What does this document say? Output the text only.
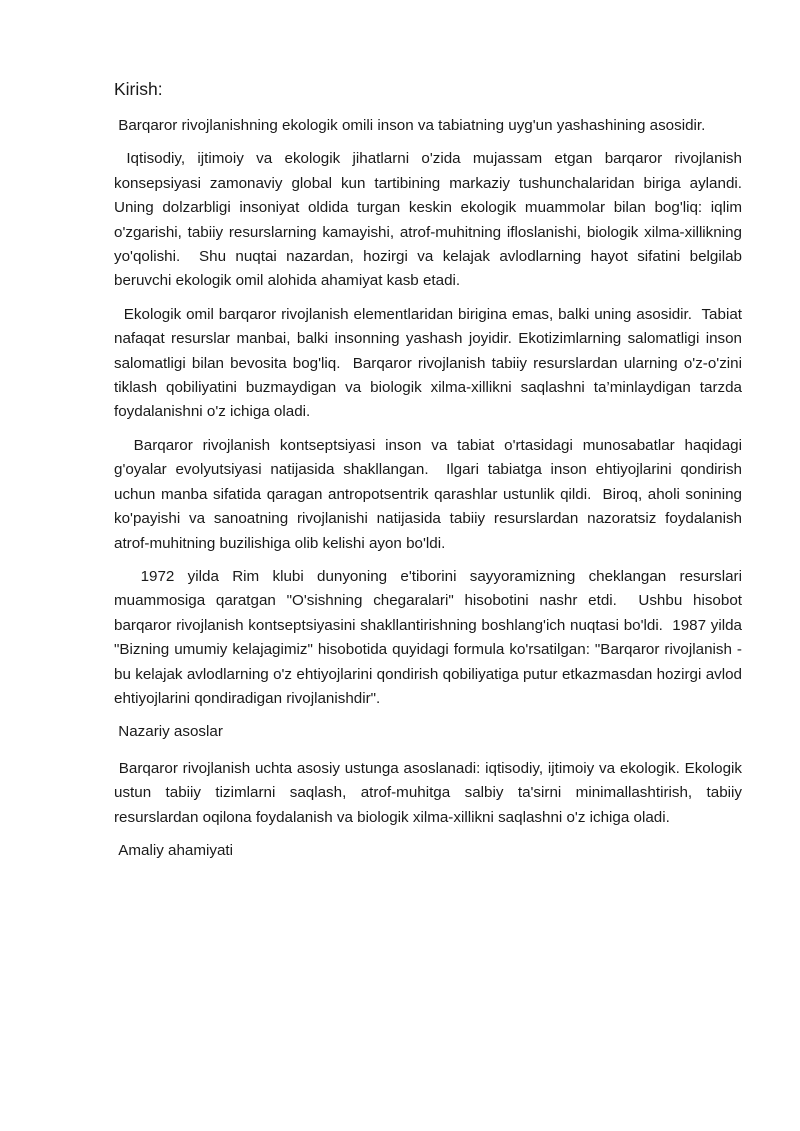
Kirish:

Barqaror rivojlanishning ekologik omili inson va tabiatning uyg'un yashashining asosidir.

Iqtisodiy, ijtimoiy va ekologik jihatlarni o'zida mujassam etgan barqaror rivojlanish konsepsiyasi zamonaviy global kun tartibining markaziy tushunchalaridan biriga aylandi.  Uning dolzarbligi insoniyat oldida turgan keskin ekologik muammolar bilan bog'liq: iqlim o'zgarishi, tabiiy resurslarning kamayishi, atrof-muhitning ifloslanishi, biologik xilma-xillikning yo'qolishi.  Shu nuqtai nazardan, hozirgi va kelajak avlodlarning hayot sifatini belgilab beruvchi ekologik omil alohida ahamiyat kasb etadi.

Ekologik omil barqaror rivojlanish elementlaridan birigina emas, balki uning asosidir.  Tabiat nafaqat resurslar manbai, balki insonning yashash joyidir. Ekotizimlarning salomatligi inson salomatligi bilan bevosita bog'liq.  Barqaror rivojlanish tabiiy resurslardan ularning o'z-o'zini tiklash qobiliyatini buzmaydigan va biologik xilma-xillikni saqlashni ta’minlaydigan tarzda foydalanishni o'z ichiga oladi.

Barqaror rivojlanish kontseptsiyasi inson va tabiat o'rtasidagi munosabatlar haqidagi g'oyalar evolyutsiyasi natijasida shakllangan.  Ilgari tabiatga inson ehtiyojlarini qondirish uchun manba sifatida qaragan antropotsentrik qarashlar ustunlik qildi.  Biroq, aholi sonining ko'payishi va sanoatning rivojlanishi natijasida tabiiy resurslardan nazoratsiz foydalanish atrof-muhitning buzilishiga olib kelishi ayon bo'ldi.

1972 yilda Rim klubi dunyoning e'tiborini sayyoramizning cheklangan resurslari muammosiga qaratgan "O'sishning chegaralari" hisobotini nashr etdi.  Ushbu hisobot barqaror rivojlanish kontseptsiyasini shakllantirishning boshlang'ich nuqtasi bo'ldi.  1987 yilda "Bizning umumiy kelajagimiz" hisobotida quyidagi formula ko'rsatilgan: "Barqaror rivojlanish - bu kelajak avlodlarning o'z ehtiyojlarini qondirish qobiliyatiga putur etkazmasdan hozirgi avlod ehtiyojlarini qondiradigan rivojlanishdir".

Nazariy asoslar

Barqaror rivojlanish uchta asosiy ustunga asoslanadi: iqtisodiy, ijtimoiy va ekologik. Ekologik ustun tabiiy tizimlarni saqlash, atrof-muhitga salbiy ta'sirni minimallashtirish, tabiiy resurslardan oqilona foydalanish va biologik xilma-xillikni saqlashni o'z ichiga oladi.

Amaliy ahamiyati
